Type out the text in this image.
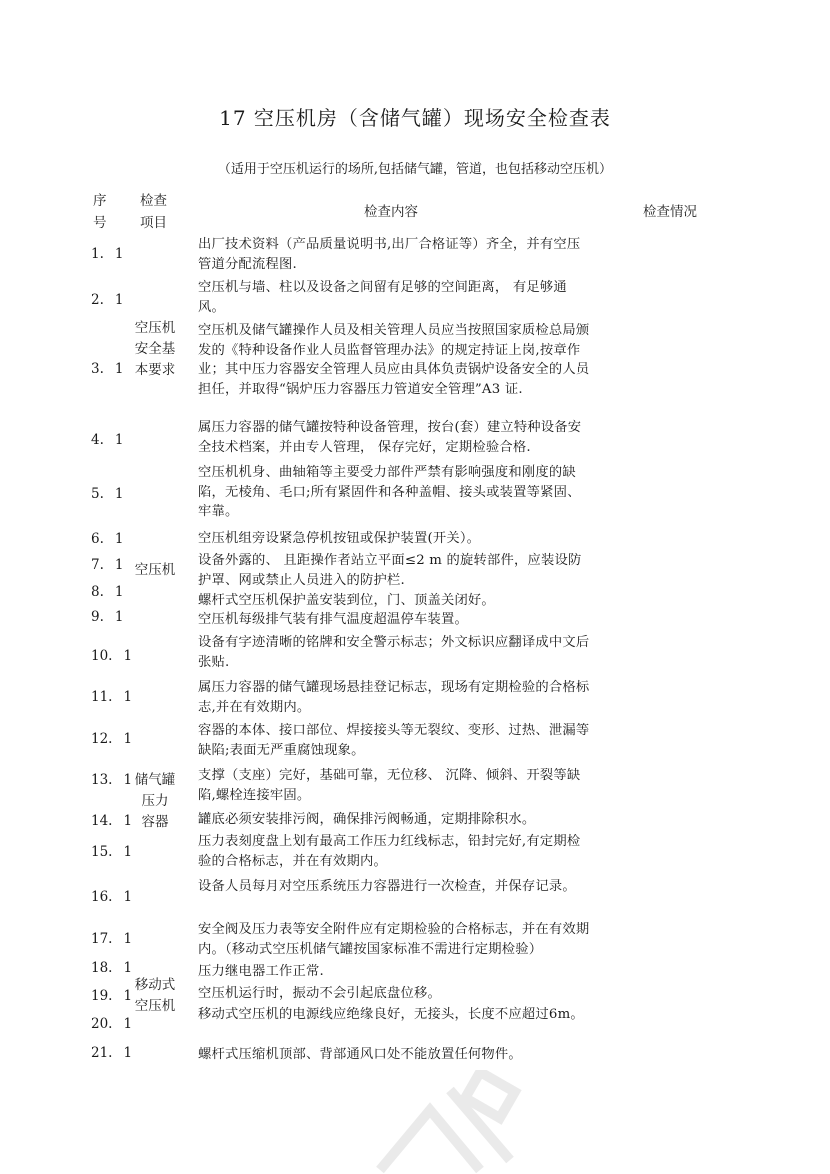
17 空压机房（含储气罐）现场安全检查表
（适用于空压机运行的场所,包括储气罐，管道，也包括移动空压机）
序
号
检查
项目
检查内容	检查情况
空压机
安全基
本要求
空压机
储气罐
压力
容器
移动式
空压机
1. 1
2. 1
3. 1
4. 1
5. 1
6. 1
7. 1
8. 1
9. 1
10. 1
11. 1
12. 1
13. 1
14. 1
15. 1
16. 1
17. 1
18. 1
19. 1
20. 1
21. 1
出厂技术资料（产品质量说明书,出厂合格证等）齐全，并有空压管道分配流程图.
空压机与墙、柱以及设备之间留有足够的空间距离， 有足够通风。
空压机及储气罐操作人员及相关管理人员应当按照国家质检总局颁发的《特种设备作业人员监督管理办法》的规定持证上岗,按章作业；其中压力容器安全管理人员应由具体负责锅炉设备安全的人员担任，并取得“锅炉压力容器压力管道安全管理”A3 证.
属压力容器的储气罐按特种设备管理，按台(套）建立特种设备安全技术档案，并由专人管理， 保存完好，定期检验合格.
空压机机身、曲轴箱等主要受力部件严禁有影响强度和刚度的缺陷，无棱角、毛口;所有紧固件和各种盖帽、接头或装置等紧固、牢靠。
空压机组旁设紧急停机按钮或保护装置(开关）。
设备外露的、 且距操作者站立平面≤2 m 的旋转部件，应装设防护罩、网或禁止人员进入的防护栏.
螺杆式空压机保护盖安装到位，门、顶盖关闭好。
空压机每级排气装有排气温度超温停车装置。
设备有字迹清晰的铭牌和安全警示标志；外文标识应翻译成中文后张贴.
属压力容器的储气罐现场悬挂登记标志，现场有定期检验的合格标志,并在有效期内。
容器的本体、接口部位、焊接接头等无裂纹、变形、过热、泄漏等缺陷;表面无严重腐蚀现象。
支撑（支座）完好，基础可靠，无位移、 沉降、倾斜、开裂等缺陷,螺栓连接牢固。
罐底必须安装排污阀，确保排污阀畅通，定期排除积水。
压力表刻度盘上划有最高工作压力红线标志，铅封完好,有定期检验的合格标志，并在有效期内。
设备人员每月对空压系统压力容器进行一次检查，并保存记录。
安全阀及压力表等安全附件应有定期检验的合格标志，并在有效期内。（移动式空压机储气罐按国家标准不需进行定期检验）
压力继电器工作正常.
空压机运行时，振动不会引起底盘位移。
移动式空压机的电源线应绝缘良好，无接头，长度不应超过6m。
螺杆式压缩机顶部、背部通风口处不能放置任何物件。
